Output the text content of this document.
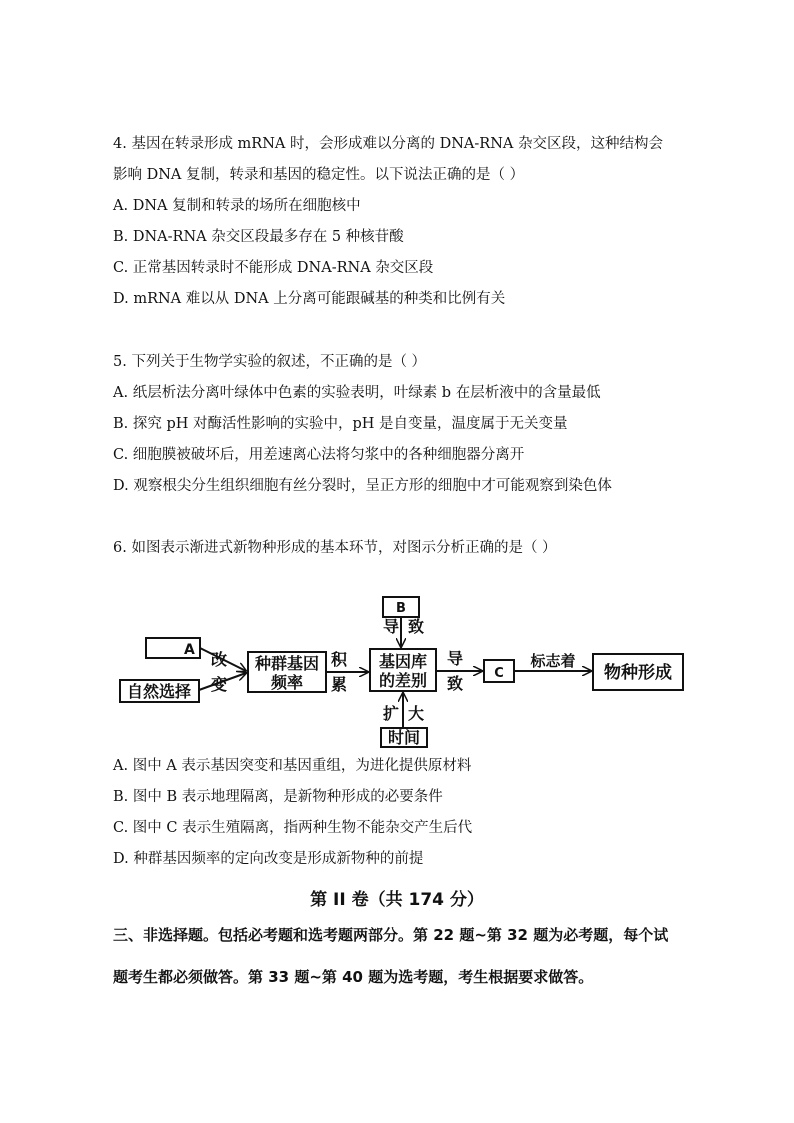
4. 基因在转录形成 mRNA 时，会形成难以分离的 DNA-RNA 杂交区段，这种结构会
影响 DNA 复制，转录和基因的稳定性。以下说法正确的是（ ）
A. DNA 复制和转录的场所在细胞核中
B. DNA-RNA 杂交区段最多存在 5 种核苷酸
C. 正常基因转录时不能形成 DNA-RNA 杂交区段
D. mRNA 难以从 DNA 上分离可能跟碱基的种类和比例有关
5. 下列关于生物学实验的叙述，不正确的是（ ）
A. 纸层析法分离叶绿体中色素的实验表明，叶绿素 b 在层析液中的含量最低
B. 探究 pH 对酶活性影响的实验中，pH 是自变量，温度属于无关变量
C. 细胞膜被破坏后，用差速离心法将匀浆中的各种细胞器分离开
D. 观察根尖分生组织细胞有丝分裂时，呈正方形的细胞中才可能观察到染色体
6. 如图表示渐进式新物种形成的基本环节，对图示分析正确的是（ ）
A
自然选择
改
变
种群基因
频率
积
累
B
导 致
基因库
的差别
扩 大
时间
导
致
C
标志着
物种形成
A. 图中 A 表示基因突变和基因重组，为进化提供原材料
B. 图中 B 表示地理隔离，是新物种形成的必要条件
C. 图中 C 表示生殖隔离，指两种生物不能杂交产生后代
D. 种群基因频率的定向改变是形成新物种的前提
第 II 卷（共 174 分）
三、非选择题。包括必考题和选考题两部分。第 22 题~第 32 题为必考题，每个试
题考生都必须做答。第 33 题~第 40 题为选考题，考生根据要求做答。
